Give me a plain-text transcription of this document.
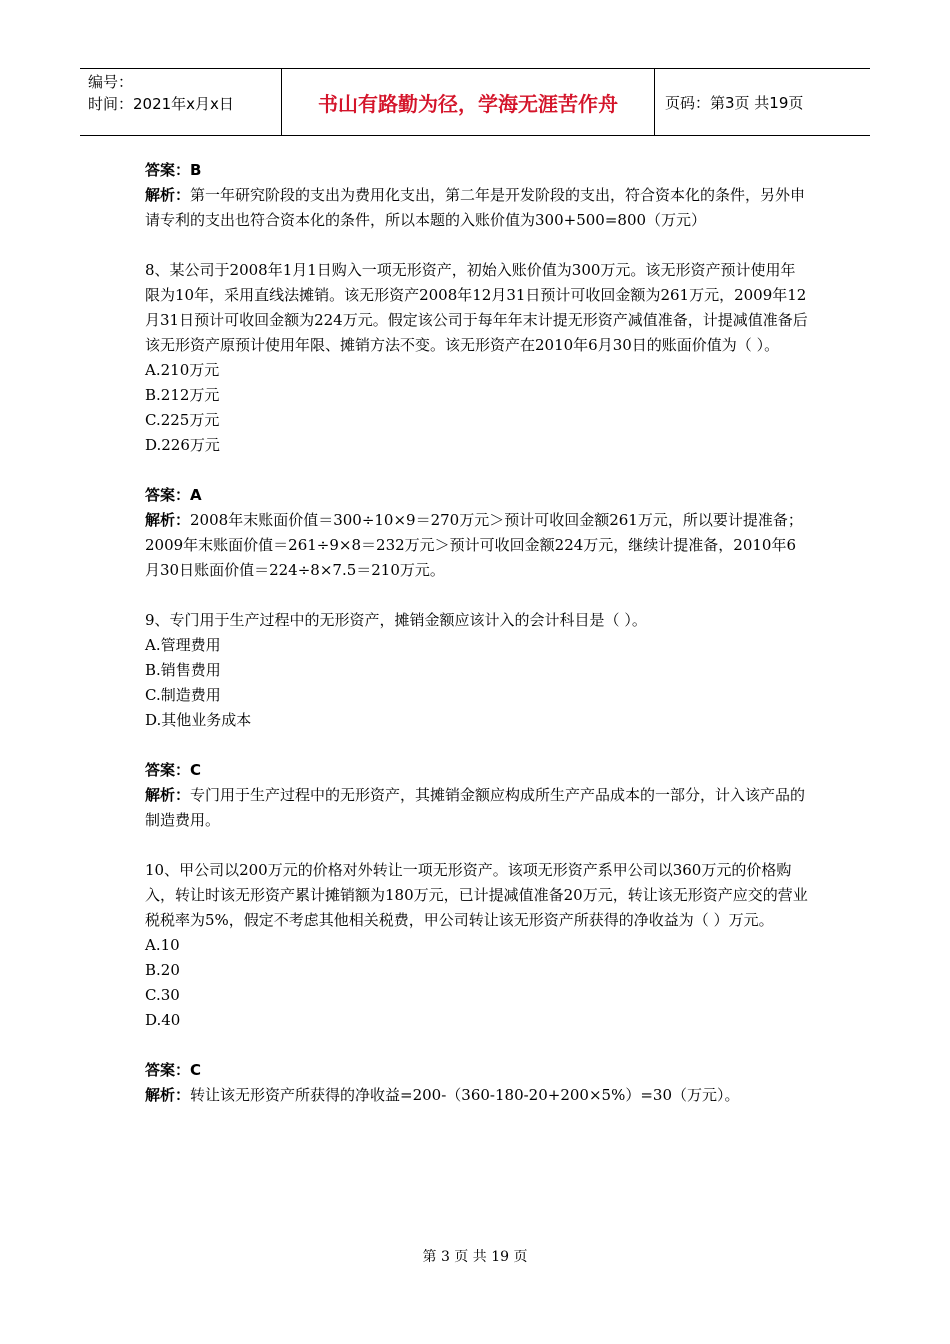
编号：
时间：2021年x月x日	书山有路勤为径，学海无涯苦作舟	页码：第3页 共19页

答案：B

解析：第一年研究阶段的支出为费用化支出，第二年是开发阶段的支出，符合资本化的条件，另外申请专利的支出也符合资本化的条件，所以本题的入账价值为300+500=800（万元）

8、某公司于2008年1月1日购入一项无形资产，初始入账价值为300万元。该无形资产预计使用年限为10年，采用直线法摊销。该无形资产2008年12月31日预计可收回金额为261万元，2009年12月31日预计可收回金额为224万元。假定该公司于每年年末计提无形资产减值准备，计提减值准备后该无形资产原预计使用年限、摊销方法不变。该无形资产在2010年6月30日的账面价值为（ ）。

A.210万元

B.212万元

C.225万元

D.226万元

答案：A

解析：2008年末账面价值＝300÷10×9＝270万元＞预计可收回金额261万元，所以要计提准备；2009年末账面价值＝261÷9×8＝232万元＞预计可收回金额224万元，继续计提准备，2010年6月30日账面价值＝224÷8×7.5＝210万元。

9、专门用于生产过程中的无形资产，摊销金额应该计入的会计科目是（ ）。

A.管理费用

B.销售费用

C.制造费用

D.其他业务成本

答案：C

解析：专门用于生产过程中的无形资产，其摊销金额应构成所生产产品成本的一部分，计入该产品的制造费用。

10、甲公司以200万元的价格对外转让一项无形资产。该项无形资产系甲公司以360万元的价格购入，转让时该无形资产累计摊销额为180万元，已计提减值准备20万元，转让该无形资产应交的营业税税率为5%，假定不考虑其他相关税费，甲公司转让该无形资产所获得的净收益为（ ）万元。

A.10

B.20

C.30

D.40

答案：C

解析：转让该无形资产所获得的净收益=200-（360-180-20+200×5%）=30（万元）。

第 3 页 共 19 页
